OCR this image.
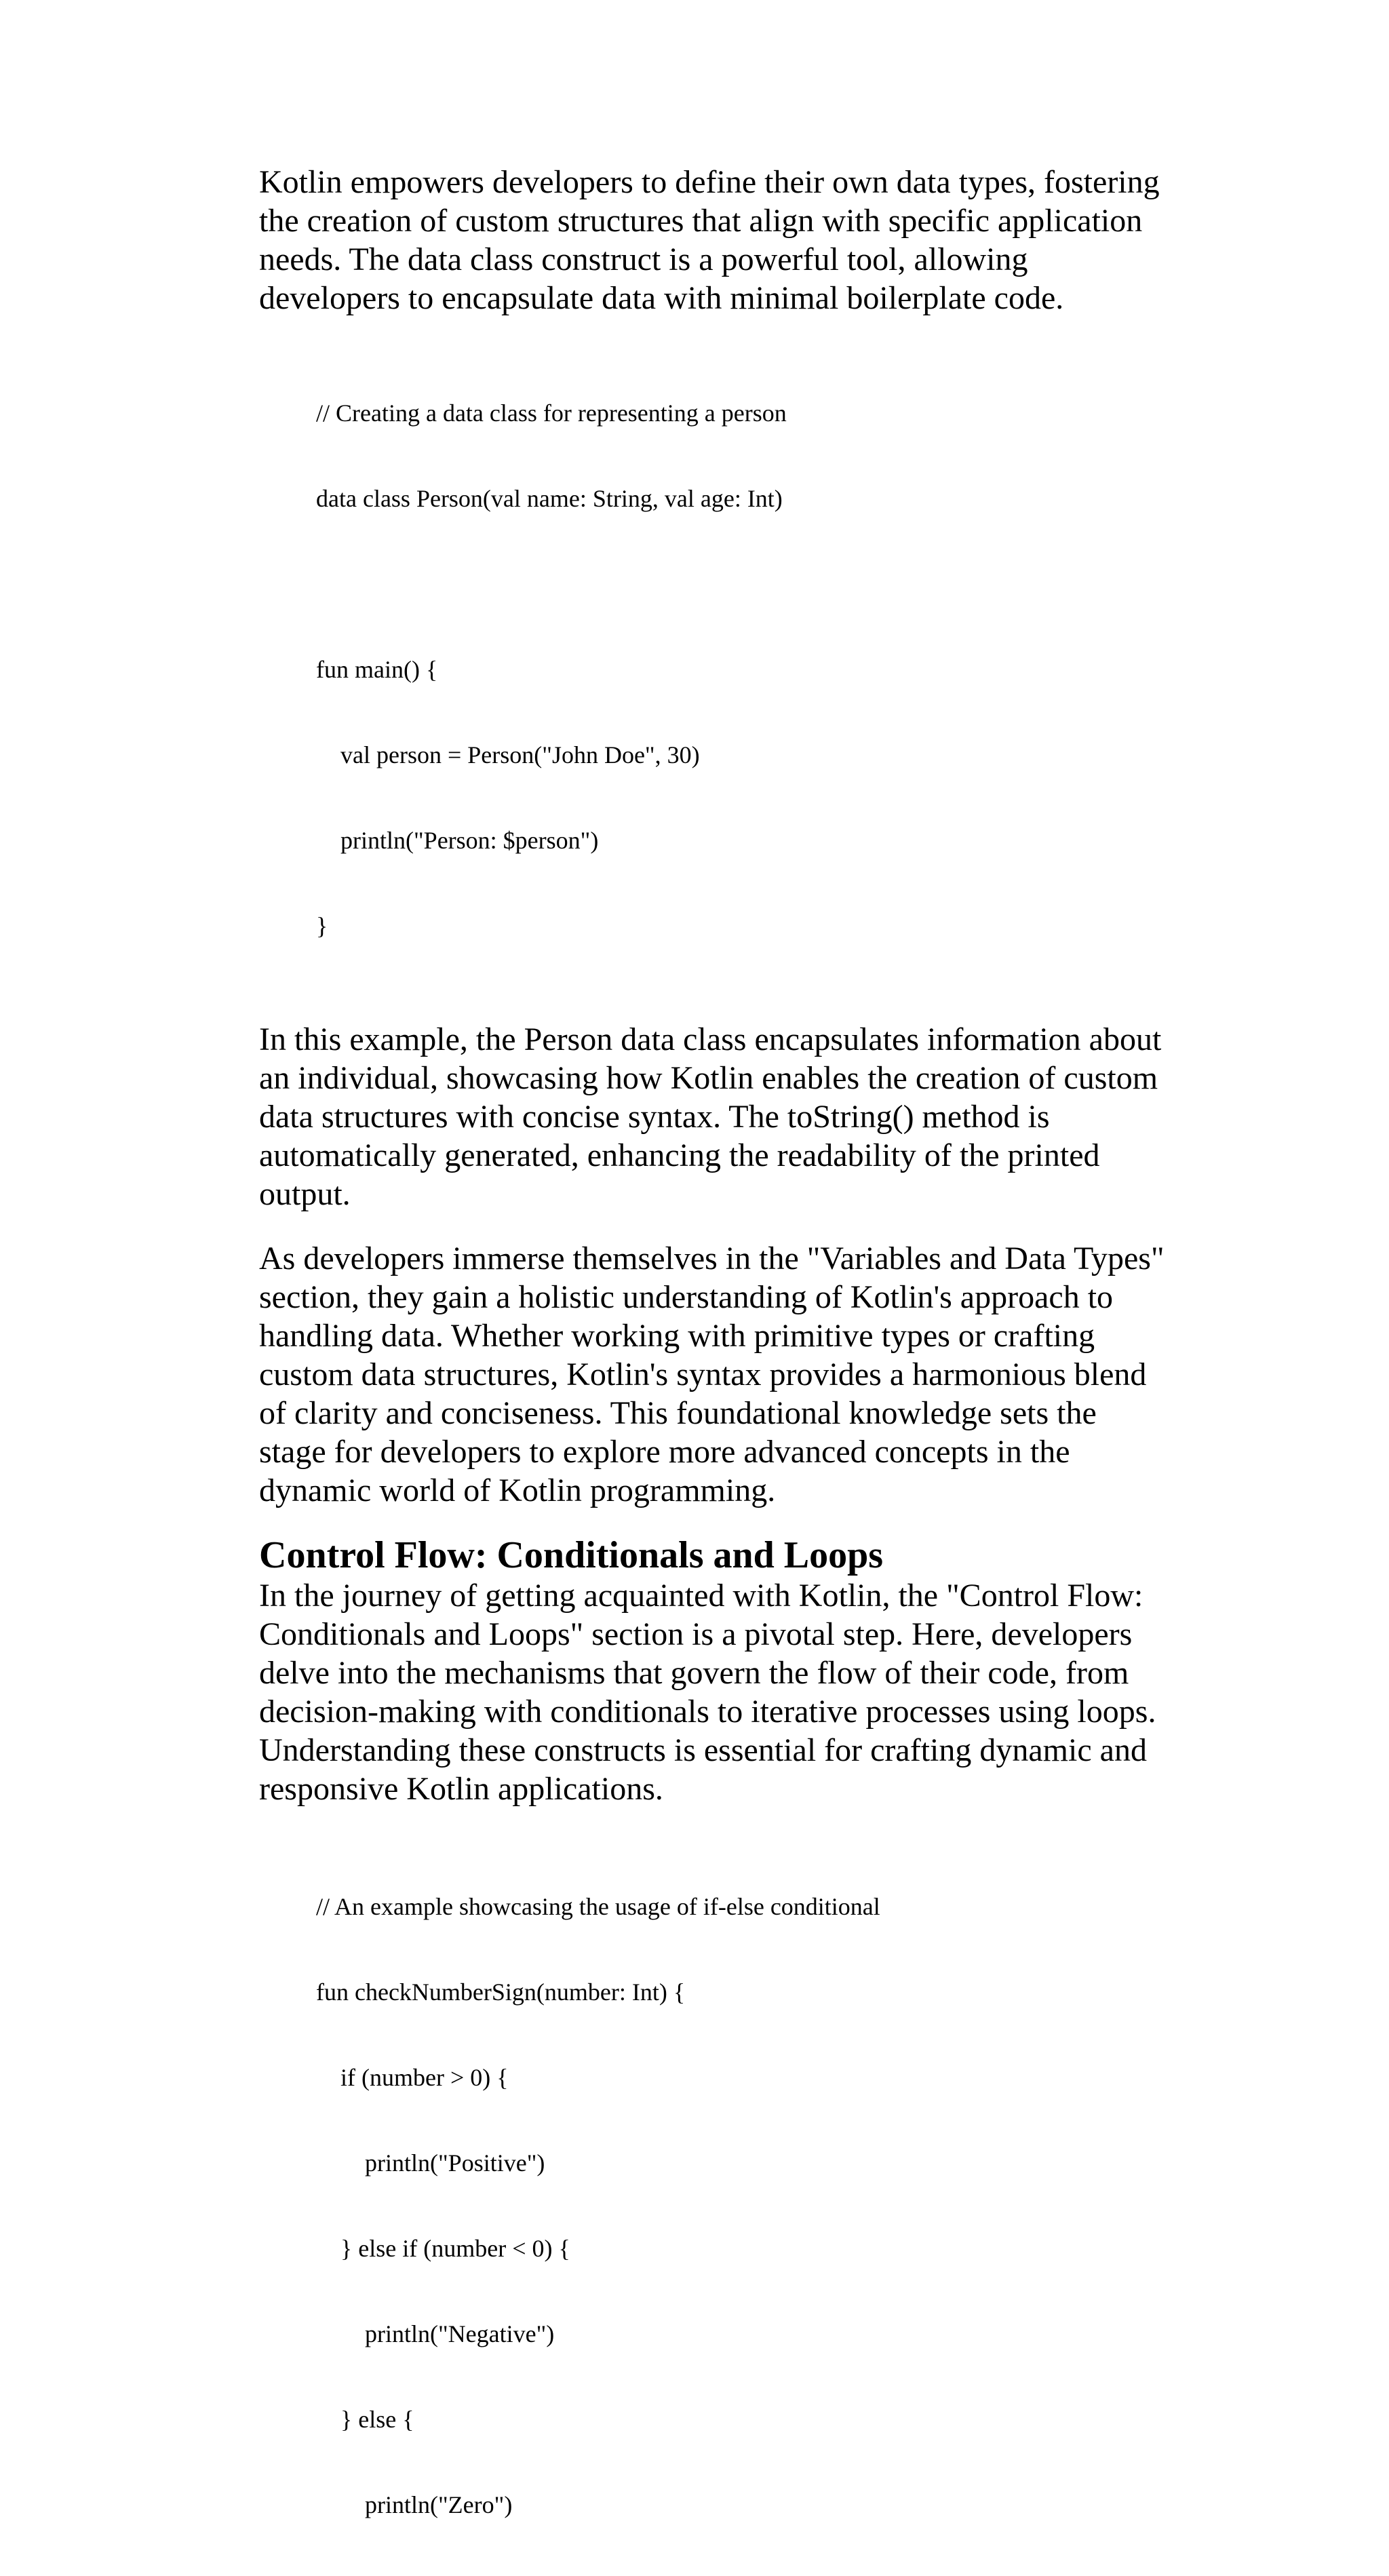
Kotlin empowers developers to define their own data types, fostering
the creation of custom structures that align with specific application
needs. The data class construct is a powerful tool, allowing
developers to encapsulate data with minimal boilerplate code.

// Creating a data class for representing a person

data class Person(val name: String, val age: Int)

fun main() {

val person = Person("John Doe", 30)

println("Person: $person")

}

In this example, the Person data class encapsulates information about
an individual, showcasing how Kotlin enables the creation of custom
data structures with concise syntax. The toString() method is
automatically generated, enhancing the readability of the printed
output.

As developers immerse themselves in the "Variables and Data Types"
section, they gain a holistic understanding of Kotlin's approach to
handling data. Whether working with primitive types or crafting
custom data structures, Kotlin's syntax provides a harmonious blend
of clarity and conciseness. This foundational knowledge sets the
stage for developers to explore more advanced concepts in the
dynamic world of Kotlin programming.

Control Flow: Conditionals and Loops

In the journey of getting acquainted with Kotlin, the "Control Flow:
Conditionals and Loops" section is a pivotal step. Here, developers
delve into the mechanisms that govern the flow of their code, from
decision-making with conditionals to iterative processes using loops.
Understanding these constructs is essential for crafting dynamic and
responsive Kotlin applications.

// An example showcasing the usage of if-else conditional

fun checkNumberSign(number: Int) {

if (number > 0) {

println("Positive")

} else if (number < 0) {

println("Negative")

} else {

println("Zero")
